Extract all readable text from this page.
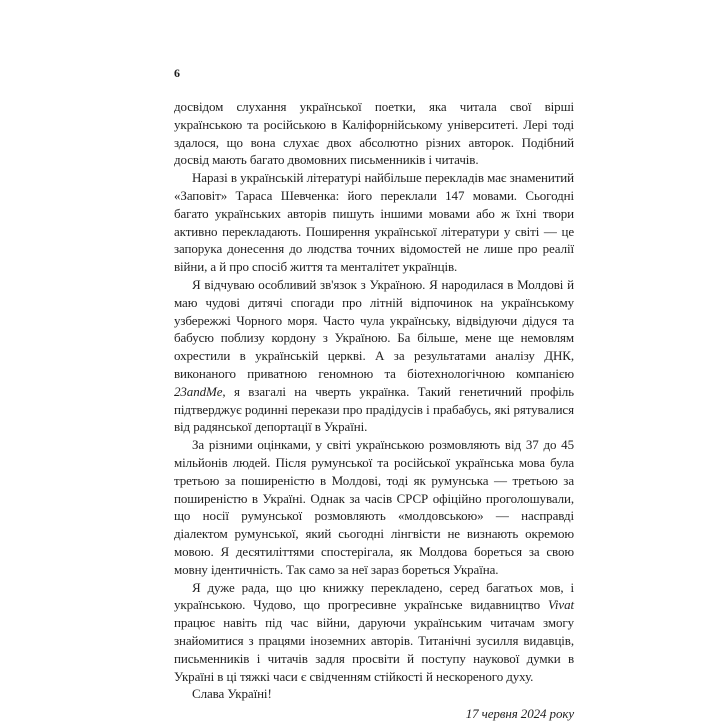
6

досвідом слухання української поетки, яка читала свої вірші українською та російською в Каліфорнійському університеті. Лері тоді здалося, що вона слухає двох абсолютно різних авторок. Подібний досвід мають багато двомовних письменників і читачів.

Наразі в українській літературі найбільше перекладів має знаменитий «Заповіт» Тараса Шевченка: його переклали 147 мовами. Сьогодні багато українських авторів пишуть іншими мовами або ж їхні твори активно перекладають. Поширення української літератури у світі — це запорука донесення до людства точних відомостей не лише про реалії війни, а й про спосіб життя та менталітет українців.

Я відчуваю особливий зв'язок з Україною. Я народилася в Молдові й маю чудові дитячі спогади про літній відпочинок на українському узбережжі Чорного моря. Часто чула українську, відвідуючи дідуся та бабусю поблизу кордону з Україною. Ба більше, мене ще немовлям охрестили в українській церкві. А за результатами аналізу ДНК, виконаного приватною геномною та біотехнологічною компанією 23andMe, я взагалі на чверть українка. Такий генетичний профіль підтверджує родинні перекази про прадідусів і прабабусь, які рятувалися від радянської депортації в Україні.

За різними оцінками, у світі українською розмовляють від 37 до 45 мільйонів людей. Після румунської та російської українська мова була третьою за поширеністю в Молдові, тоді як румунська — третьою за поширеністю в Україні. Однак за часів СРСР офіційно проголошували, що носії румунської розмовляють «молдовською» — насправді діалектом румунської, який сьогодні лінгвісти не визнають окремою мовою. Я десятиліттями спостерігала, як Молдова бореться за свою мовну ідентичність. Так само за неї зараз бореться Україна.

Я дуже рада, що цю книжку перекладено, серед багатьох мов, і українською. Чудово, що прогресивне українське видавництво Vivat працює навіть під час війни, даруючи українським читачам змогу знайомитися з працями іноземних авторів. Титанічні зусилля видавців, письменників і читачів задля просвіти й поступу наукової думки в Україні в ці тяжкі часи є свідченням стійкості й нескореного духу.

Слава Україні!

17 червня 2024 року
